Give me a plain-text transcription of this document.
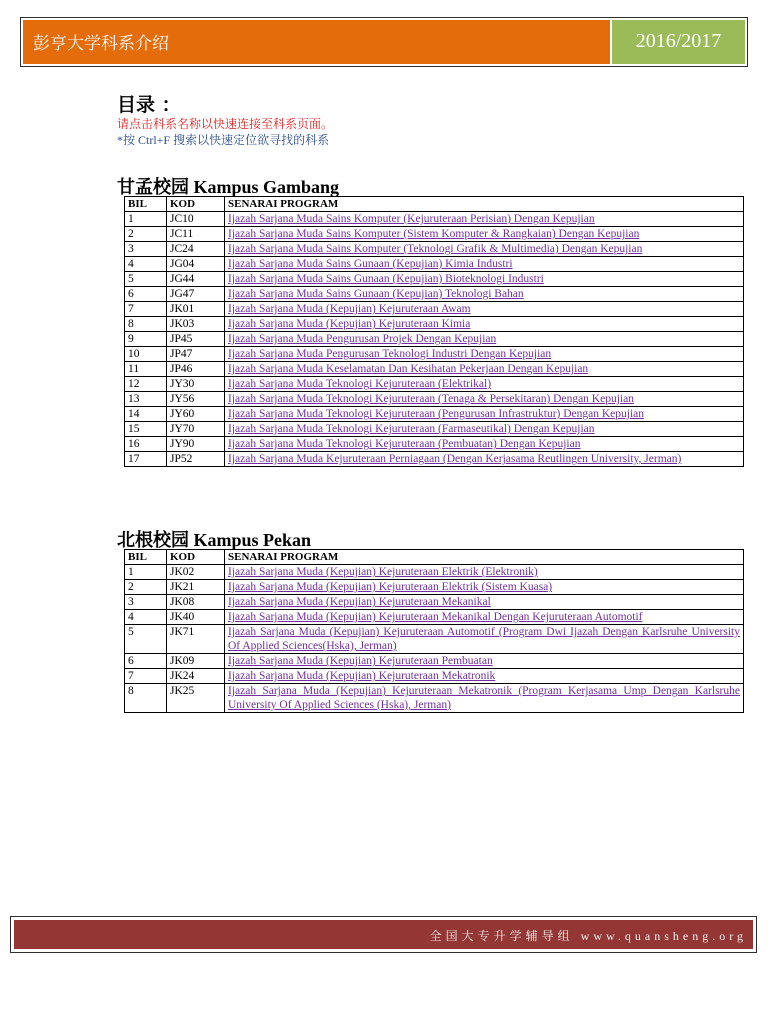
彭亨大学科系介绍	2016/2017
目录 ：
请点击科系名称以快速连接至科系页面。
*按 Ctrl+F 搜索以快速定位欲寻找的科系
甘孟校园 Kampus Gambang
BIL	KOD	SENARAI PROGRAM
1	JC10	Ijazah Sarjana Muda Sains Komputer (Kejuruteraan Perisian) Dengan Kepujian
2	JC11	Ijazah Sarjana Muda Sains Komputer (Sistem Komputer & Rangkaian) Dengan Kepujian
3	JC24	Ijazah Sarjana Muda Sains Komputer (Teknologi Grafik & Multimedia) Dengan Kepujian
4	JG04	Ijazah Sarjana Muda Sains Gunaan (Kepujian) Kimia Industri
5	JG44	Ijazah Sarjana Muda Sains Gunaan (Kepujian) Bioteknologi Industri
6	JG47	Ijazah Sarjana Muda Sains Gunaan (Kepujian) Teknologi Bahan
7	JK01	Ijazah Sarjana Muda (Kepujian) Kejuruteraan Awam
8	JK03	Ijazah Sarjana Muda (Kepujian) Kejuruteraan Kimia
9	JP45	Ijazah Sarjana Muda Pengurusan Projek Dengan Kepujian
10	JP47	Ijazah Sarjana Muda Pengurusan Teknologi Industri Dengan Kepujian
11	JP46	Ijazah Sarjana Muda Keselamatan Dan Kesihatan Pekerjaan Dengan Kepujian
12	JY30	Ijazah Sarjana Muda Teknologi Kejuruteraan (Elektrikal)
13	JY56	Ijazah Sarjana Muda Teknologi Kejuruteraan (Tenaga & Persekitaran) Dengan Kepujian
14	JY60	Ijazah Sarjana Muda Teknologi Kejuruteraan (Pengurusan Infrastruktur) Dengan Kepujian
15	JY70	Ijazah Sarjana Muda Teknologi Kejuruteraan (Farmaseutikal) Dengan Kepujian
16	JY90	Ijazah Sarjana Muda Teknologi Kejuruteraan (Pembuatan) Dengan Kepujian
17	JP52	Ijazah Sarjana Muda Kejuruteraan Perniagaan (Dengan Kerjasama Reutlingen University, Jerman)
北根校园 Kampus Pekan
BIL	KOD	SENARAI PROGRAM
1	JK02	Ijazah Sarjana Muda (Kepujian) Kejuruteraan Elektrik (Elektronik)
2	JK21	Ijazah Sarjana Muda (Kepujian) Kejuruteraan Elektrik (Sistem Kuasa)
3	JK08	Ijazah Sarjana Muda (Kepujian) Kejuruteraan Mekanikal
4	JK40	Ijazah Sarjana Muda (Kepujian) Kejuruteraan Mekanikal Dengan Kejuruteraan Automotif
5	JK71	Ijazah Sarjana Muda (Kepujian) Kejuruteraan Automotif (Program Dwi Ijazah Dengan Karlsruhe University Of Applied Sciences(Hska), Jerman)
6	JK09	Ijazah Sarjana Muda (Kepujian) Kejuruteraan Pembuatan
7	JK24	Ijazah Sarjana Muda (Kepujian) Kejuruteraan Mekatronik
8	JK25	Ijazah Sarjana Muda (Kepujian) Kejuruteraan Mekatronik (Program Kerjasama Ump Dengan Karlsruhe University Of Applied Sciences (Hska), Jerman)
全国大专升学辅导组 www.quansheng.org
